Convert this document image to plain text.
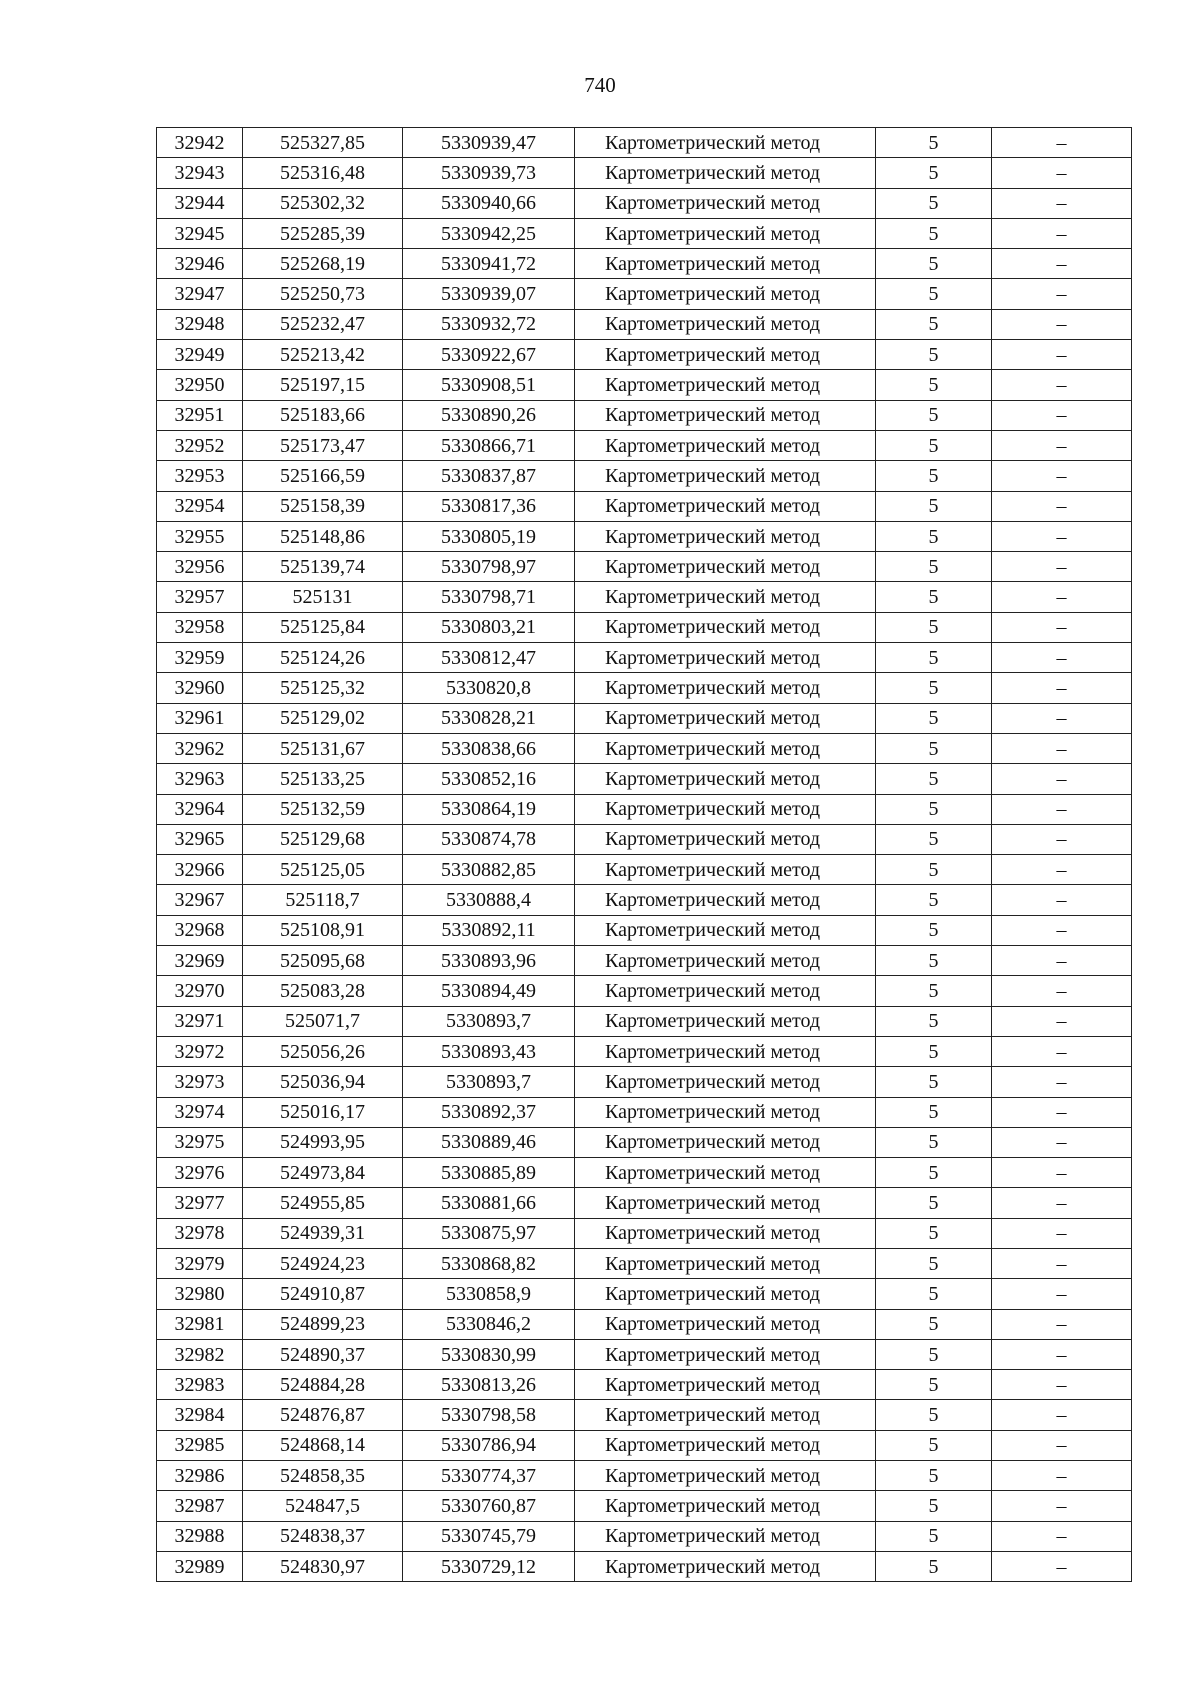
740
32942	525327,85	5330939,47	Картометрический метод	5	–
32943	525316,48	5330939,73	Картометрический метод	5	–
32944	525302,32	5330940,66	Картометрический метод	5	–
32945	525285,39	5330942,25	Картометрический метод	5	–
32946	525268,19	5330941,72	Картометрический метод	5	–
32947	525250,73	5330939,07	Картометрический метод	5	–
32948	525232,47	5330932,72	Картометрический метод	5	–
32949	525213,42	5330922,67	Картометрический метод	5	–
32950	525197,15	5330908,51	Картометрический метод	5	–
32951	525183,66	5330890,26	Картометрический метод	5	–
32952	525173,47	5330866,71	Картометрический метод	5	–
32953	525166,59	5330837,87	Картометрический метод	5	–
32954	525158,39	5330817,36	Картометрический метод	5	–
32955	525148,86	5330805,19	Картометрический метод	5	–
32956	525139,74	5330798,97	Картометрический метод	5	–
32957	525131	5330798,71	Картометрический метод	5	–
32958	525125,84	5330803,21	Картометрический метод	5	–
32959	525124,26	5330812,47	Картометрический метод	5	–
32960	525125,32	5330820,8	Картометрический метод	5	–
32961	525129,02	5330828,21	Картометрический метод	5	–
32962	525131,67	5330838,66	Картометрический метод	5	–
32963	525133,25	5330852,16	Картометрический метод	5	–
32964	525132,59	5330864,19	Картометрический метод	5	–
32965	525129,68	5330874,78	Картометрический метод	5	–
32966	525125,05	5330882,85	Картометрический метод	5	–
32967	525118,7	5330888,4	Картометрический метод	5	–
32968	525108,91	5330892,11	Картометрический метод	5	–
32969	525095,68	5330893,96	Картометрический метод	5	–
32970	525083,28	5330894,49	Картометрический метод	5	–
32971	525071,7	5330893,7	Картометрический метод	5	–
32972	525056,26	5330893,43	Картометрический метод	5	–
32973	525036,94	5330893,7	Картометрический метод	5	–
32974	525016,17	5330892,37	Картометрический метод	5	–
32975	524993,95	5330889,46	Картометрический метод	5	–
32976	524973,84	5330885,89	Картометрический метод	5	–
32977	524955,85	5330881,66	Картометрический метод	5	–
32978	524939,31	5330875,97	Картометрический метод	5	–
32979	524924,23	5330868,82	Картометрический метод	5	–
32980	524910,87	5330858,9	Картометрический метод	5	–
32981	524899,23	5330846,2	Картометрический метод	5	–
32982	524890,37	5330830,99	Картометрический метод	5	–
32983	524884,28	5330813,26	Картометрический метод	5	–
32984	524876,87	5330798,58	Картометрический метод	5	–
32985	524868,14	5330786,94	Картометрический метод	5	–
32986	524858,35	5330774,37	Картометрический метод	5	–
32987	524847,5	5330760,87	Картометрический метод	5	–
32988	524838,37	5330745,79	Картометрический метод	5	–
32989	524830,97	5330729,12	Картометрический метод	5	–
